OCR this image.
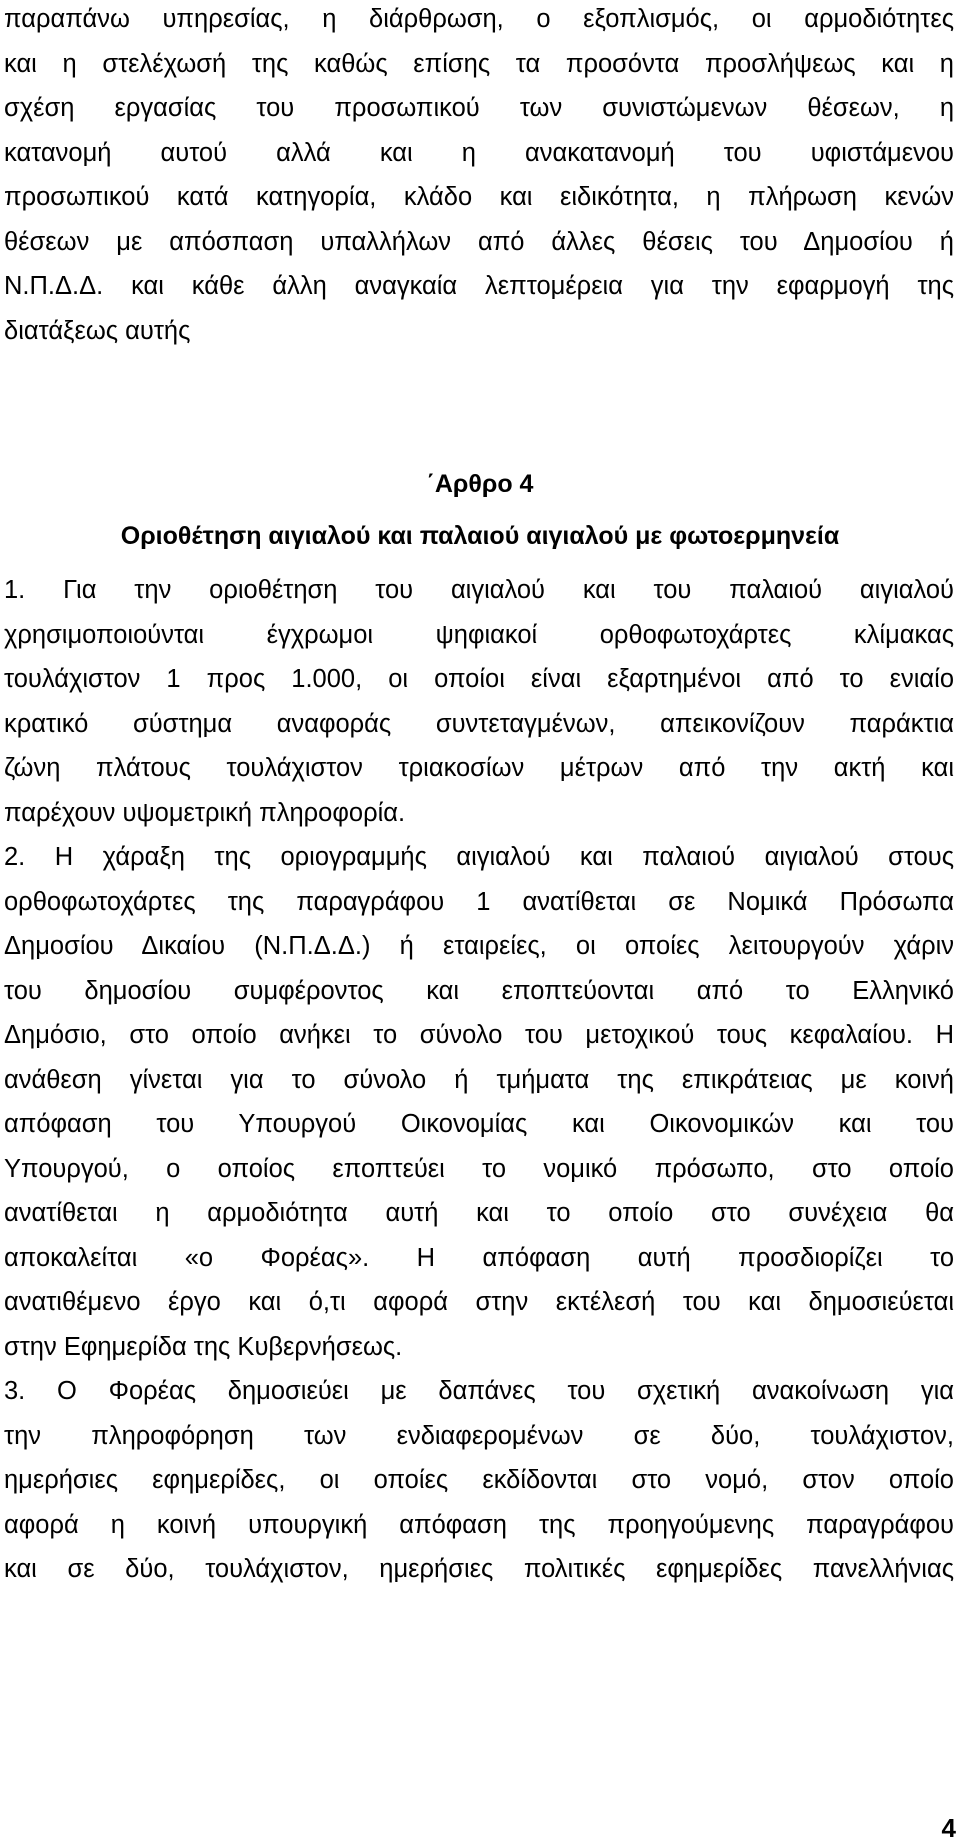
παραπάνω υπηρεσίας, η διάρθρωση, ο εξοπλισμός, οι αρμοδιότητες
και η στελέχωσή της καθώς επίσης τα προσόντα προσλήψεως και η
σχέση εργασίας του προσωπικού των συνιστώμενων θέσεων, η
κατανομή αυτού αλλά και η ανακατανομή του υφιστάμενου
προσωπικού κατά κατηγορία, κλάδο και ειδικότητα, η πλήρωση κενών
θέσεων με απόσπαση υπαλλήλων από άλλες θέσεις του Δημοσίου ή
Ν.Π.Δ.Δ. και κάθε άλλη αναγκαία λεπτομέρεια για την εφαρμογή της
διατάξεως αυτής
΄Αρθρο 4
Οριοθέτηση αιγιαλού και παλαιού αιγιαλού με φωτοερμηνεία
1. Για την οριοθέτηση του αιγιαλού και του παλαιού αιγιαλού
χρησιμοποιούνται έγχρωμοι ψηφιακοί ορθοφωτοχάρτες κλίμακας
τουλάχιστον 1 προς 1.000, οι οποίοι είναι εξαρτημένοι από το ενιαίο
κρατικό σύστημα αναφοράς συντεταγμένων, απεικονίζουν παράκτια
ζώνη πλάτους τουλάχιστον τριακοσίων μέτρων από την ακτή και
παρέχουν υψομετρική πληροφορία.
2. Η χάραξη της οριογραμμής αιγιαλού και παλαιού αιγιαλού στους
ορθοφωτοχάρτες της παραγράφου 1 ανατίθεται σε Νομικά Πρόσωπα
Δημοσίου Δικαίου (Ν.Π.Δ.Δ.) ή εταιρείες, οι οποίες λειτουργούν χάριν
του δημοσίου συμφέροντος και εποπτεύονται από το Ελληνικό
Δημόσιο, στο οποίο ανήκει το σύνολο του μετοχικού τους κεφαλαίου. Η
ανάθεση γίνεται για το σύνολο ή τμήματα της επικράτειας με κοινή
απόφαση του Υπουργού Οικονομίας και Οικονομικών και του
Υπουργού, ο οποίος εποπτεύει το νομικό πρόσωπο, στο οποίο
ανατίθεται η αρμοδιότητα αυτή και το οποίο στο συνέχεια θα
αποκαλείται «ο Φορέας». Η απόφαση αυτή προσδιορίζει το
ανατιθέμενο έργο και ό,τι αφορά στην εκτέλεσή του και δημοσιεύεται
στην Εφημερίδα της Κυβερνήσεως.
3. Ο Φορέας δημοσιεύει με δαπάνες του σχετική ανακοίνωση για
την πληροφόρηση των ενδιαφερομένων σε δύο, τουλάχιστον,
ημερήσιες εφημερίδες, οι οποίες εκδίδονται στο νομό, στον οποίο
αφορά η κοινή υπουργική απόφαση της προηγούμενης παραγράφου
και σε δύο, τουλάχιστον, ημερήσιες πολιτικές εφημερίδες πανελλήνιας
4
